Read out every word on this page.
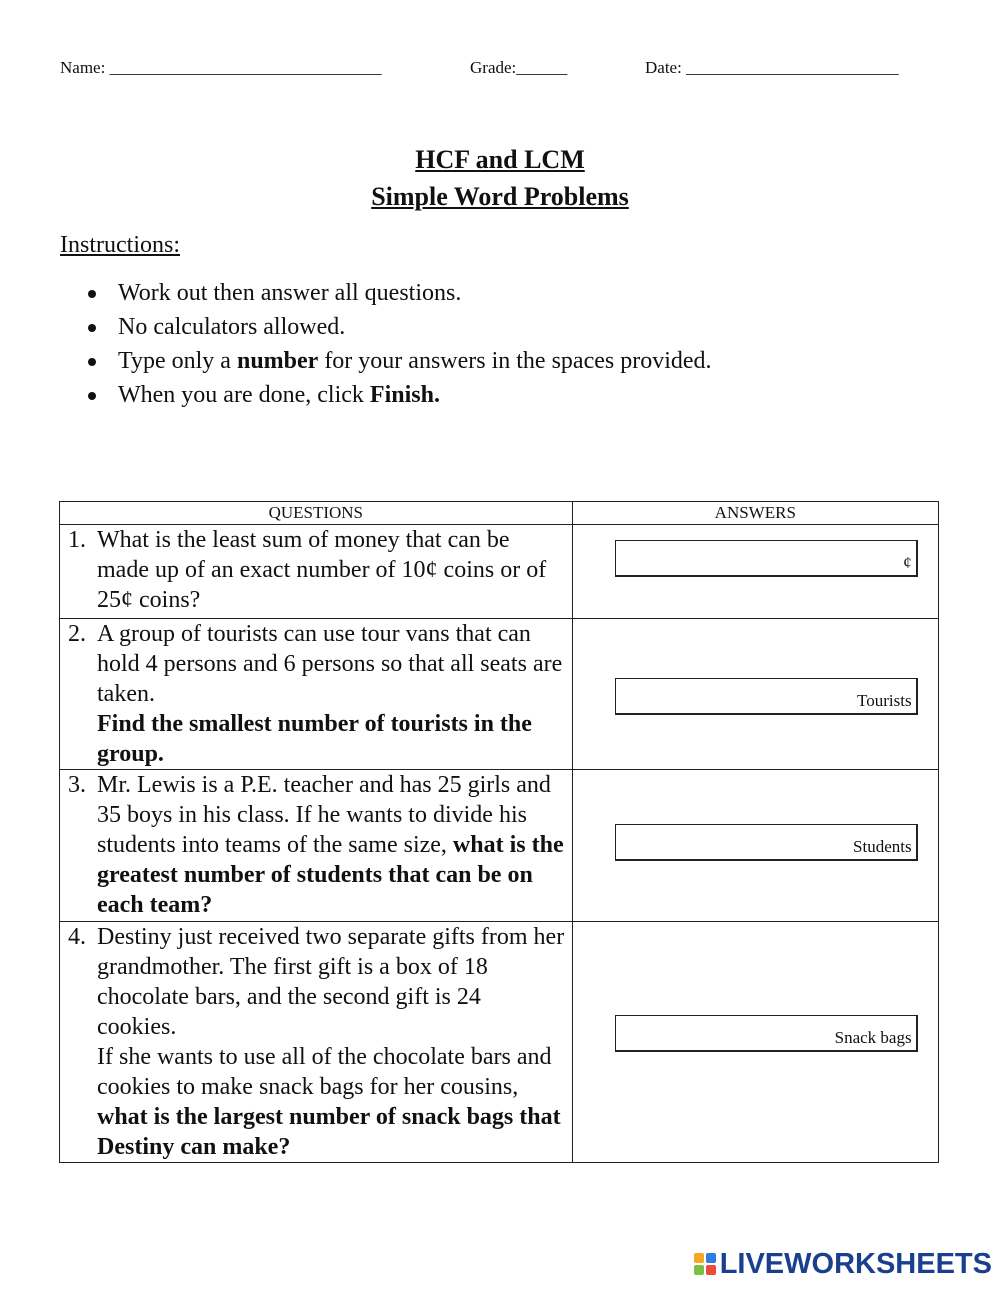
Name: ________________________________	Grade:______	Date: _________________________
HCF and LCM
Simple Word Problems
Instructions:
Work out then answer all questions.
No calculators allowed.
Type only a number for your answers in the spaces provided.
When you are done, click Finish.
QUESTIONS	ANSWERS

1. What is the least sum of money that can be made up of an exact number of 10¢ coins or of 25¢ coins?	¢

2. A group of tourists can use tour vans that can hold 4 persons and 6 persons so that all seats are taken.
Find the smallest number of tourists in the group.	Tourists

3. Mr. Lewis is a P.E. teacher and has 25 girls and 35 boys in his class. If he wants to divide his students into teams of the same size, what is the greatest number of students that can be on each team?	Students

4. Destiny just received two separate gifts from her grandmother. The first gift is a box of 18 chocolate bars, and the second gift is 24 cookies.
If she wants to use all of the chocolate bars and cookies to make snack bags for her cousins, what is the largest number of snack bags that Destiny can make?	Snack bags
LIVEWORKSHEETS
